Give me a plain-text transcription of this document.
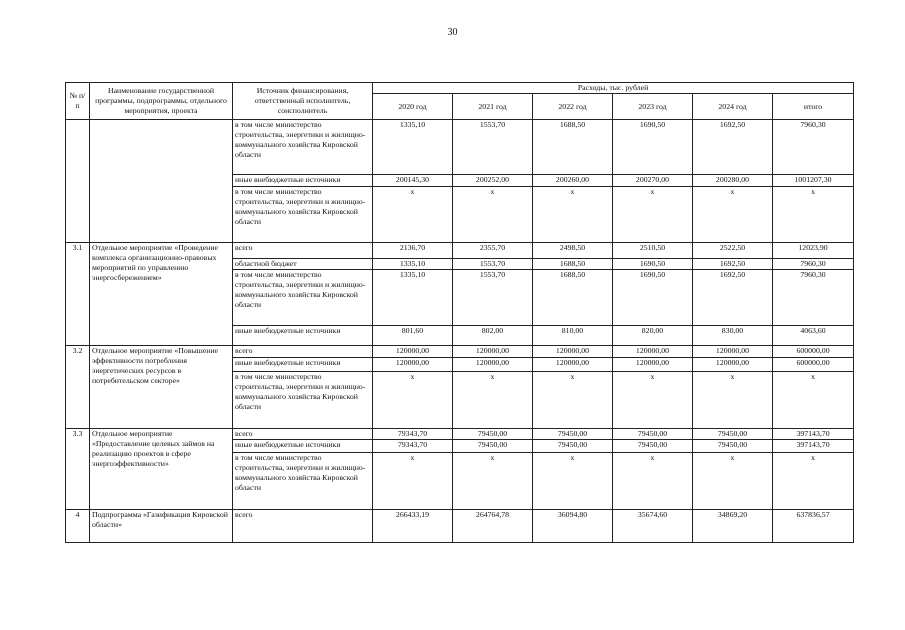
30
№ п/п	Наименование государственной программы, подпрограммы, отдельного мероприятия, проекта	Источник финансирования, ответственный исполнитель, соисполнитель	Расходы, тыс. рублей					
			2020 год	2021 год	2022 год	2023 год	2024 год	итого
		в том числе министерство строительства, энергетики и жилищно-коммунального хозяйства Кировской области	1335,10	1553,70	1688,50	1690,50	1692,50	7960,30
		иные внебюджетные источники	200145,30	200252,00	200260,00	200270,00	200280,00	1001207,30
		в том числе министерство строительства, энергетики и жилищно-коммунального хозяйства Кировской области	x	x	x	x	x	x
3.1	Отдельное мероприятие «Проведение комплекса организационно-правовых мероприятий по управлению энергосбережением»	всего	2136,70	2355,70	2498,50	2510,50	2522,50	12023,90
		областной бюджет	1335,10	1553,70	1688,50	1690,50	1692,50	7960,30
		в том числе министерство строительства, энергетики и жилищно-коммунального хозяйства Кировской области	1335,10	1553,70	1688,50	1690,50	1692,50	7960,30
		иные внебюджетные источники	801,60	802,00	810,00	820,00	830,00	4063,60
3.2	Отдельное мероприятие «Повышение эффективности потребления энергетических ресурсов в потребительском секторе»	всего	120000,00	120000,00	120000,00	120000,00	120000,00	600000,00
		иные внебюджетные источники	120000,00	120000,00	120000,00	120000,00	120000,00	600000,00
		в том числе министерство строительства, энергетики и жилищно-коммунального хозяйства Кировской области	x	x	x	x	x	x
3.3	Отдельное мероприятие «Предоставление целевых займов на реализацию проектов в сфере энергоэффективности»	всего	79343,70	79450,00	79450,00	79450,00	79450,00	397143,70
		иные внебюджетные источники	79343,70	79450,00	79450,00	79450,00	79450,00	397143,70
		в том числе министерство строительства, энергетики и жилищно-коммунального хозяйства Кировской области	x	x	x	x	x	x
4	Подпрограмма «Газификация Кировской области»	всего	266433,19	264764,78	36094,80	35674,60	34869,20	637836,57
